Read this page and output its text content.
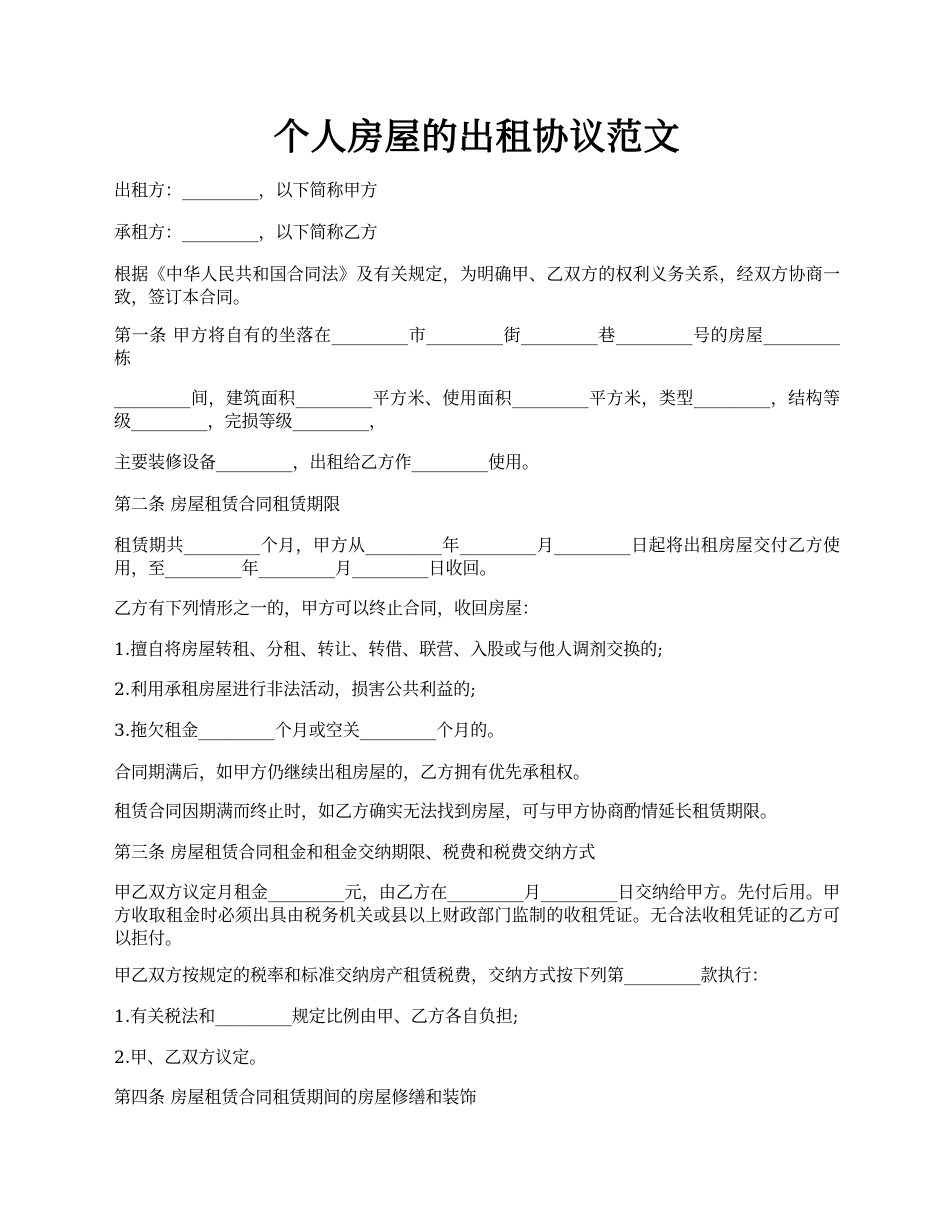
个人房屋的出租协议范文

出租方：_________，以下简称甲方

承租方：_________，以下简称乙方

根据《中华人民共和国合同法》及有关规定，为明确甲、乙双方的权利义务关系，经双方协商一致，签订本合同。

第一条 甲方将自有的坐落在_________市_________街_________巷_________号的房屋_________栋

_________间，建筑面积_________平方米、使用面积_________平方米，类型_________，结构等级_________，完损等级_________，

主要装修设备_________，出租给乙方作_________使用。

第二条 房屋租赁合同租赁期限

租赁期共_________个月，甲方从_________年_________月_________日起将出租房屋交付乙方使用，至_________年_________月_________日收回。

乙方有下列情形之一的，甲方可以终止合同，收回房屋：

1.擅自将房屋转租、分租、转让、转借、联营、入股或与他人调剂交换的;

2.利用承租房屋进行非法活动，损害公共利益的;

3.拖欠租金_________个月或空关_________个月的。

合同期满后，如甲方仍继续出租房屋的，乙方拥有优先承租权。

租赁合同因期满而终止时，如乙方确实无法找到房屋，可与甲方协商酌情延长租赁期限。

第三条 房屋租赁合同租金和租金交纳期限、税费和税费交纳方式

甲乙双方议定月租金_________元，由乙方在_________月_________日交纳给甲方。先付后用。甲方收取租金时必须出具由税务机关或县以上财政部门监制的收租凭证。无合法收租凭证的乙方可以拒付。

甲乙双方按规定的税率和标准交纳房产租赁税费，交纳方式按下列第_________款执行：

1.有关税法和_________规定比例由甲、乙方各自负担;

2.甲、乙双方议定。

第四条 房屋租赁合同租赁期间的房屋修缮和装饰
